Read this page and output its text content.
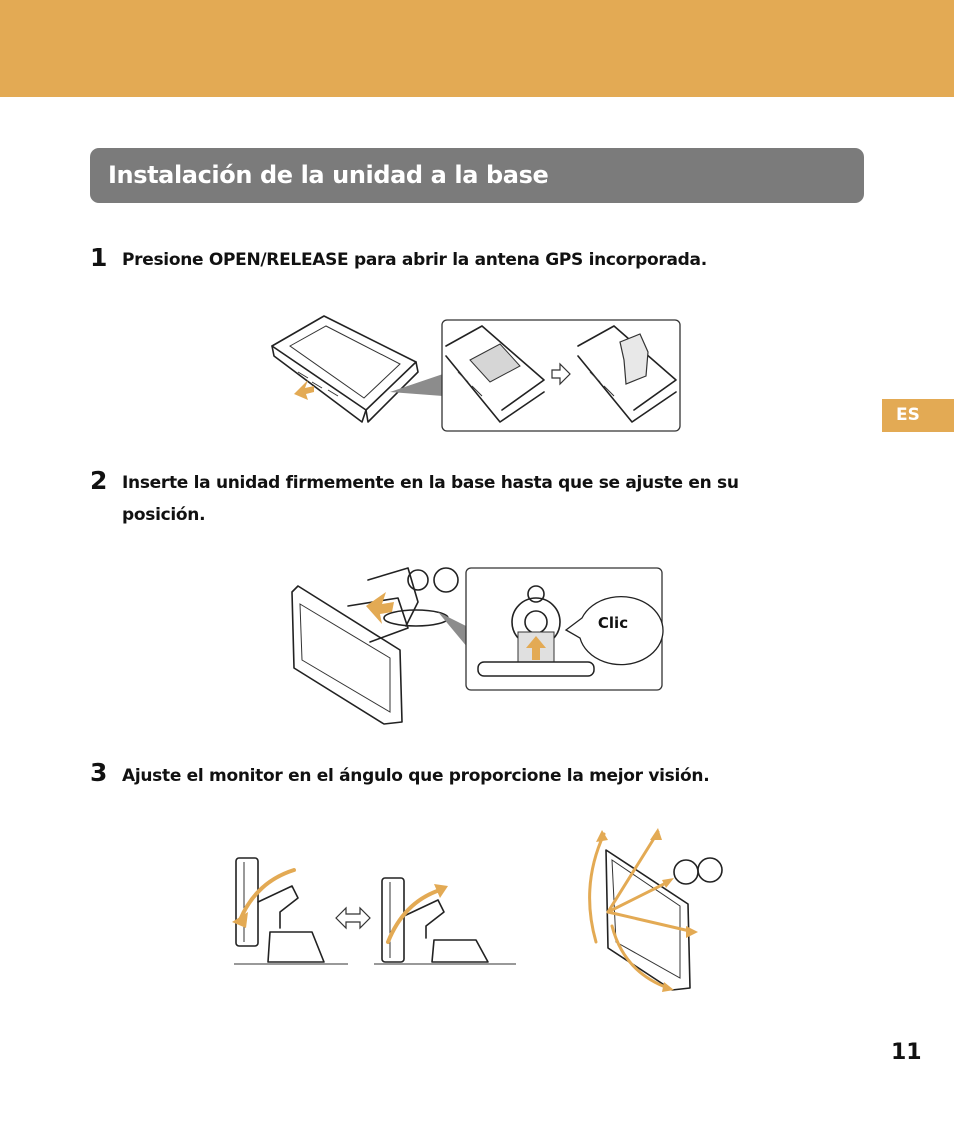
Instalación de la unidad a la base
ES
1 Presione OPEN/RELEASE para abrir la antena GPS incorporada.
2 Inserte la unidad firmemente en la base hasta que se ajuste en su posición.
Clic
3 Ajuste el monitor en el ángulo que proporcione la mejor visión.
11
